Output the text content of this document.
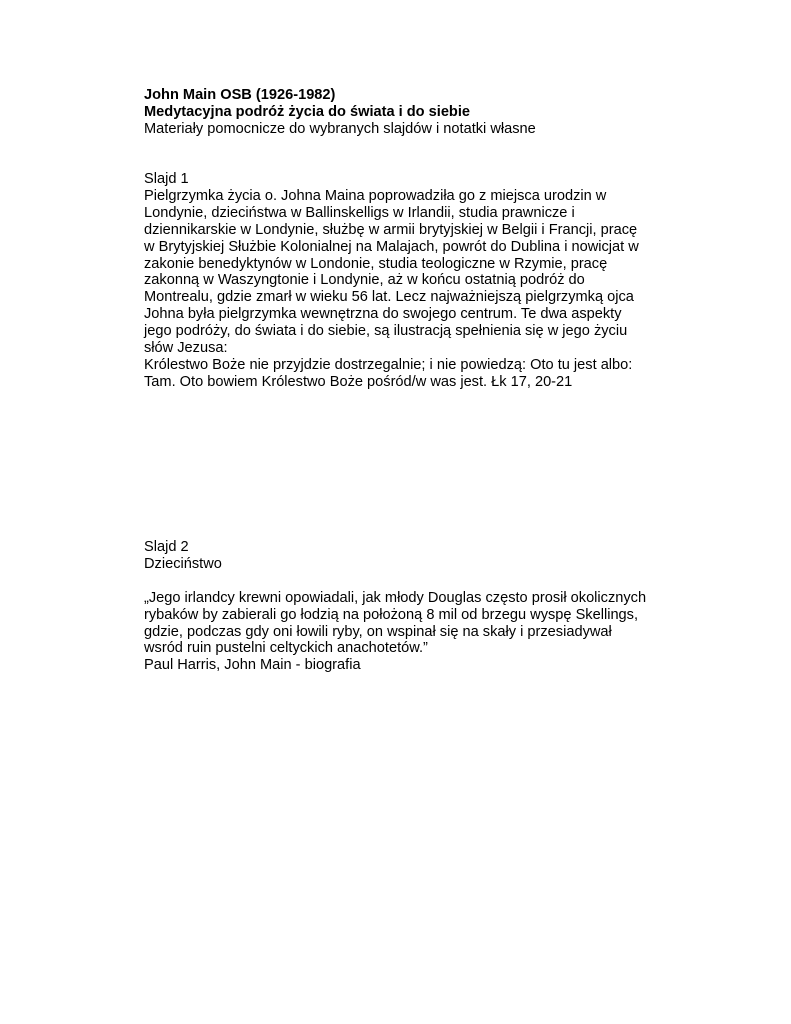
John Main OSB (1926-1982)
Medytacyjna podróż życia do świata i do siebie
Materiały pomocnicze do wybranych slajdów i notatki własne
Slajd 1
Pielgrzymka życia o. Johna Maina poprowadziła go z miejsca urodzin w
Londynie, dzieciństwa w Ballinskelligs w Irlandii, studia prawnicze i
dziennikarskie w Londynie, służbę w armii brytyjskiej w Belgii i Francji, pracę
w Brytyjskiej Służbie Kolonialnej na Malajach, powrót do Dublina i nowicjat w
zakonie benedyktynów w Londonie, studia teologiczne w Rzymie, pracę
zakonną w Waszyngtonie i Londynie, aż w końcu ostatnią podróż do
Montrealu, gdzie zmarł w wieku 56 lat. Lecz najważniejszą pielgrzymką ojca
Johna była pielgrzymka wewnętrzna do swojego centrum. Te dwa aspekty
jego podróży, do świata i do siebie, są ilustracją spełnienia się w jego życiu
słów Jezusa:
Królestwo Boże nie przyjdzie dostrzegalnie; i nie powiedzą: Oto tu jest albo:
Tam. Oto bowiem Królestwo Boże pośród/w was jest. Łk 17, 20-21
Slajd 2
Dzieciństwo

„Jego irlandcy krewni opowiadali, jak młody Douglas często prosił okolicznych
rybaków by zabierali go łodzią na położoną 8 mil od brzegu wyspę Skellings,
gdzie, podczas gdy oni łowili ryby, on wspinał się na skały i przesiadywał
wsród ruin pustelni celtyckich anachotetów.”
Paul Harris, John Main - biografia
